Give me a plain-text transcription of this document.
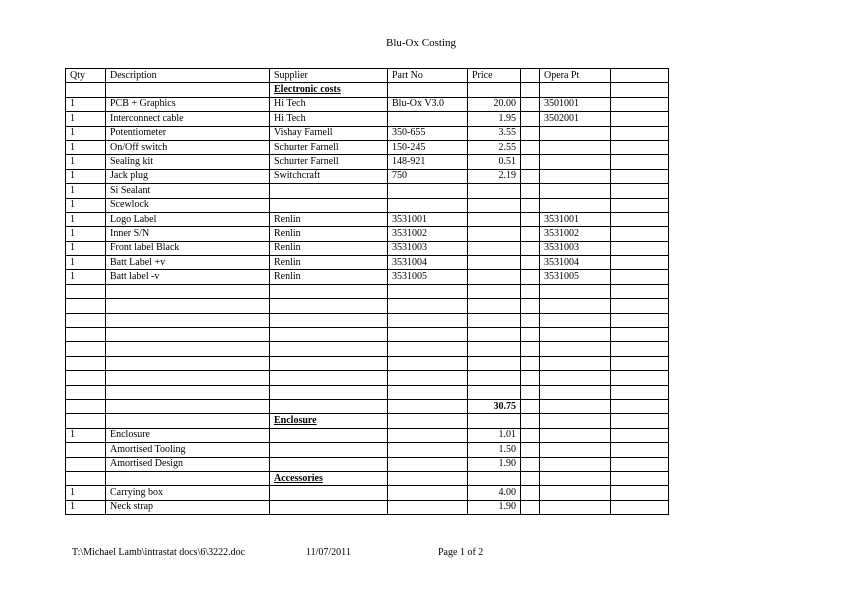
Blu-Ox Costing
Qty	Description	Supplier	Part No	Price		Opera Pt	
		Electronic costs					
1	PCB + Graphics	Hi Tech	Blu-Ox V3.0	20.00		3501001	
1	Interconnect cable	Hi Tech		1.95		3502001	
1	Potentiometer	Vishay Farnell	350-655	3.55			
1	On/Off switch	Schurter Farnell	150-245	2.55			
1	Sealing kit	Schurter Farnell	148-921	0.51			
1	Jack plug	Switchcraft	750	2.19			
1	Si Sealant						
1	Scewlock						
1	Logo Label	Renlin	3531001			3531001	
1	Inner S/N	Renlin	3531002			3531002	
1	Front label Black	Renlin	3531003			3531003	
1	Batt Label +v	Renlin	3531004			3531004	
1	Batt label -v	Renlin	3531005			3531005	

				30.75			
		Enclosure					
1	Enclosure			1.01			
	Amortised Tooling			1.50			
	Amortised Design			1.90			
		Accessories					
1	Carrying box			4.00			
1	Neck strap			1.90			
T:\Michael Lamb\intrastat docs\6\3222.doc	11/07/2011	Page 1 of 2
